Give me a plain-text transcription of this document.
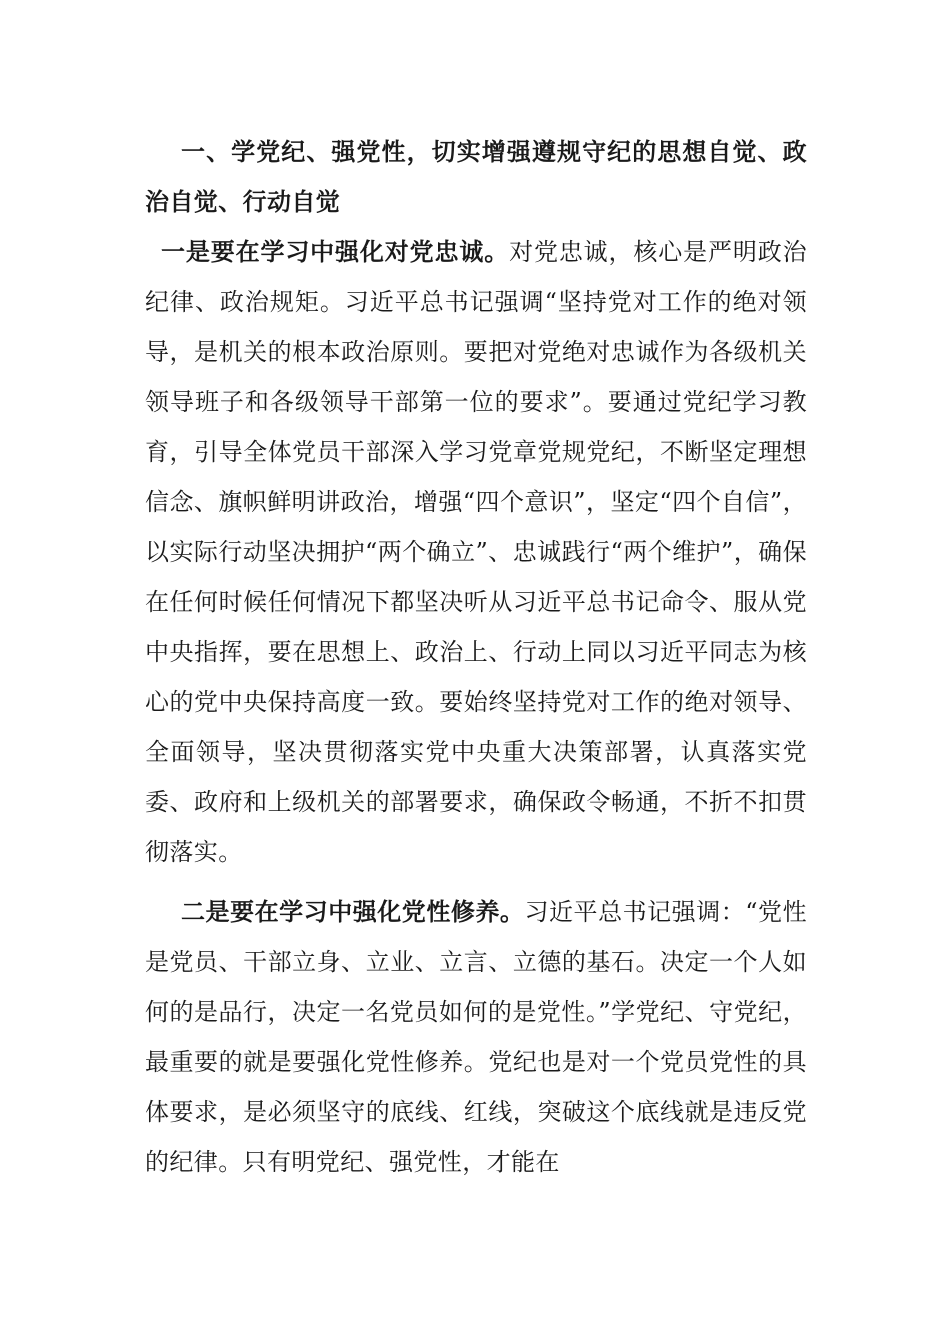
一、学党纪、强党性，切实增强遵规守纪的思想自觉、政治自觉、行动自觉

一是要在学习中强化对党忠诚。对党忠诚，核心是严明政治纪律、政治规矩。习近平总书记强调“坚持党对工作的绝对领导，是机关的根本政治原则。要把对党绝对忠诚作为各级机关领导班子和各级领导干部第一位的要求”。要通过党纪学习教育，引导全体党员干部深入学习党章党规党纪，不断坚定理想信念、旗帜鲜明讲政治，增强“四个意识”，坚定“四个自信”，以实际行动坚决拥护“两个确立”、忠诚践行“两个维护”，确保在任何时候任何情况下都坚决听从习近平总书记命令、服从党中央指挥，要在思想上、政治上、行动上同以习近平同志为核心的党中央保持高度一致。要始终坚持党对工作的绝对领导、全面领导，坚决贯彻落实党中央重大决策部署，认真落实党委、政府和上级机关的部署要求，确保政令畅通，不折不扣贯彻落实。

二是要在学习中强化党性修养。习近平总书记强调：“党性是党员、干部立身、立业、立言、立德的基石。决定一个人如何的是品行，决定一名党员如何的是党性。”学党纪、守党纪，最重要的就是要强化党性修养。党纪也是对一个党员党性的具体要求，是必须坚守的底线、红线，突破这个底线就是违反党的纪律。只有明党纪、强党性，才能在
